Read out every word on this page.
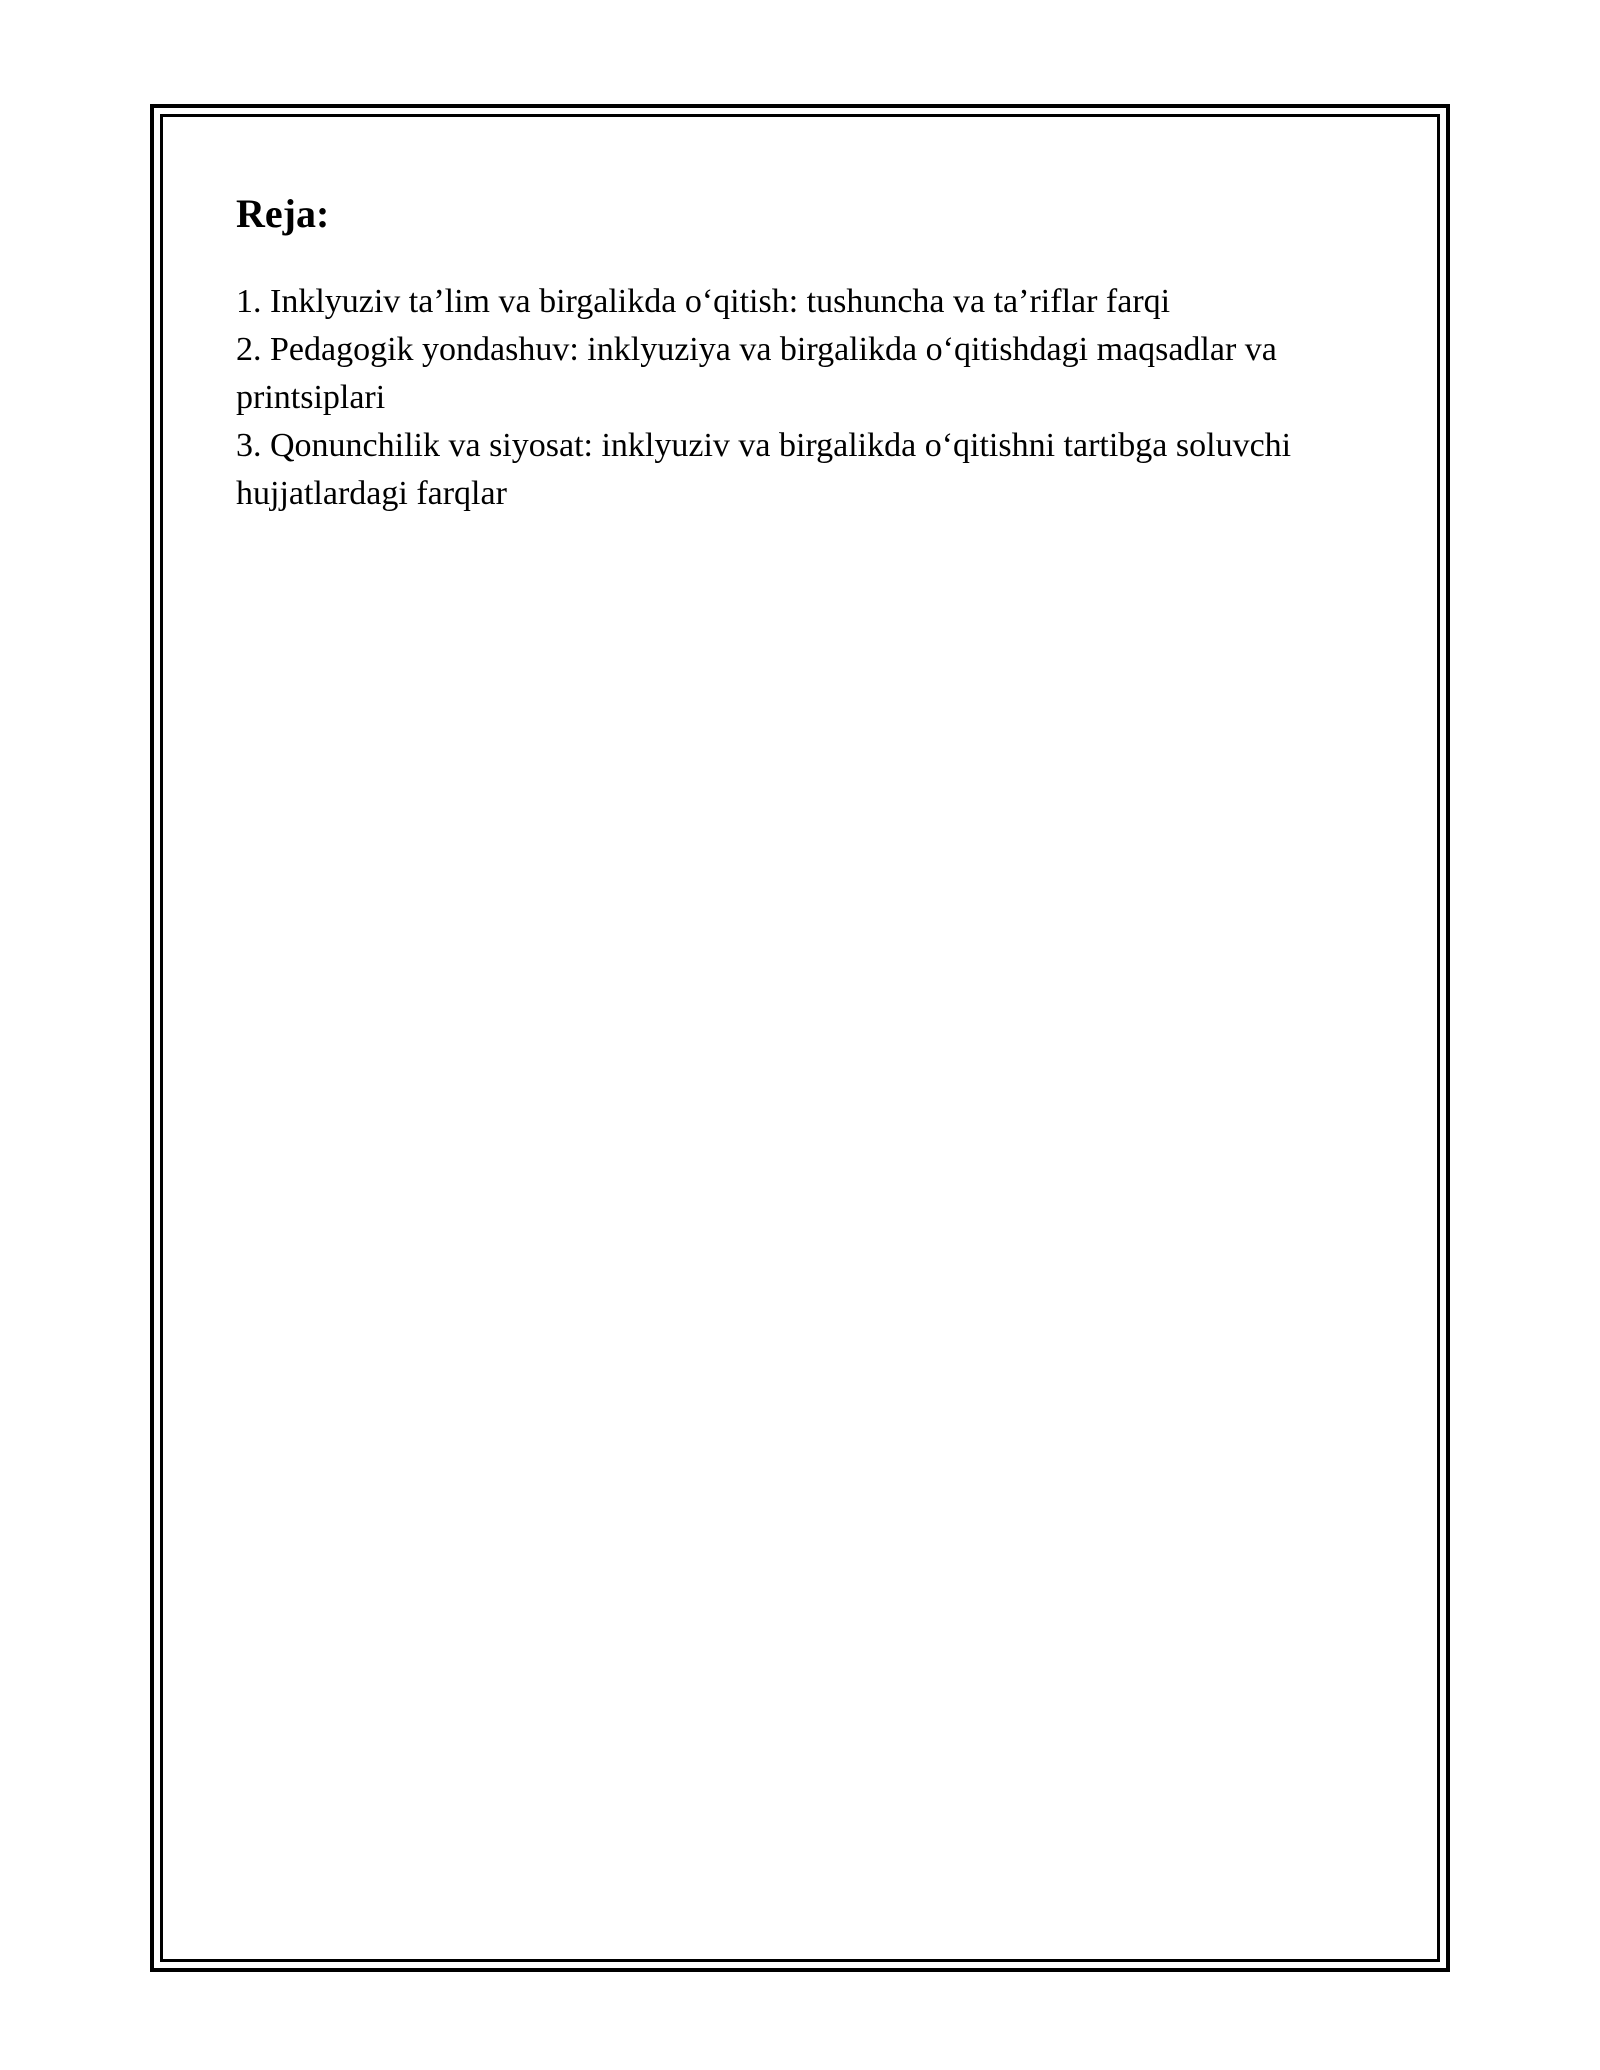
Reja:
1. Inklyuziv ta’lim va birgalikda o‘qitish: tushuncha va ta’riflar farqi
2. Pedagogik yondashuv: inklyuziya va birgalikda o‘qitishdagi maqsadlar va printsiplari
3. Qonunchilik va siyosat: inklyuziv va birgalikda o‘qitishni tartibga soluvchi hujjatlardagi farqlar
